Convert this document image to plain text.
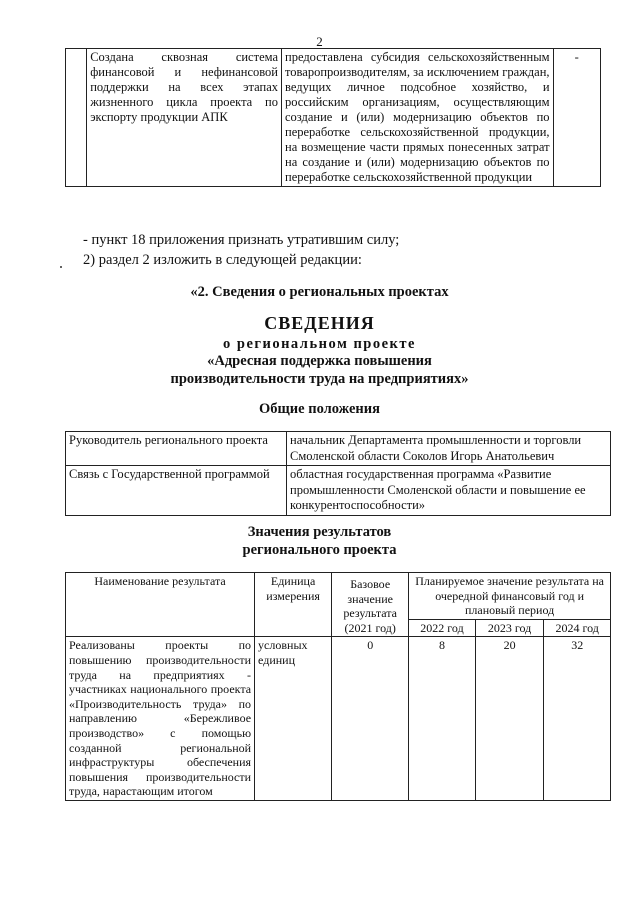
2
	Создана сквозная система финансовой и нефинансовой поддержки на всех этапах жизненного цикла проекта по экспорту продукции АПК	предоставлена субсидия сельскохозяйственным товаропроизводителям, за исключением граждан, ведущих личное подсобное хозяйство, и российским организациям, осуществляющим создание и (или) модернизацию объектов по переработке сельскохозяйственной продукции, на возмещение части прямых понесенных затрат на создание и (или) модернизацию объектов по переработке сельскохозяйственной продукции	-
- пункт 18 приложения признать утратившим силу;
2) раздел 2 изложить в следующей редакции:
«2. Сведения о региональных проектах
СВЕДЕНИЯ
о региональном проекте
«Адресная поддержка повышения
производительности труда на предприятиях»
Общие положения
Руководитель регионального проекта	начальник Департамента промышленности и торговли Смоленской области Соколов Игорь Анатольевич
Связь с Государственной программой	областная государственная программа «Развитие промышленности Смоленской области и повышение ее конкурентоспособности»
Значения результатов
регионального проекта
Наименование результата	Единица измерения	Базовое значение результата (2021 год)	Планируемое значение результата на очередной финансовый год и плановый период		
			2022 год	2023 год	2024 год
Реализованы проекты по повышению производительности труда на предприятиях - участниках национального проекта «Производительность труда» по направлению «Бережливое производство» с помощью созданной региональной инфраструктуры обеспечения повышения производительности труда, нарастающим итогом	условных единиц	0	8	20	32
